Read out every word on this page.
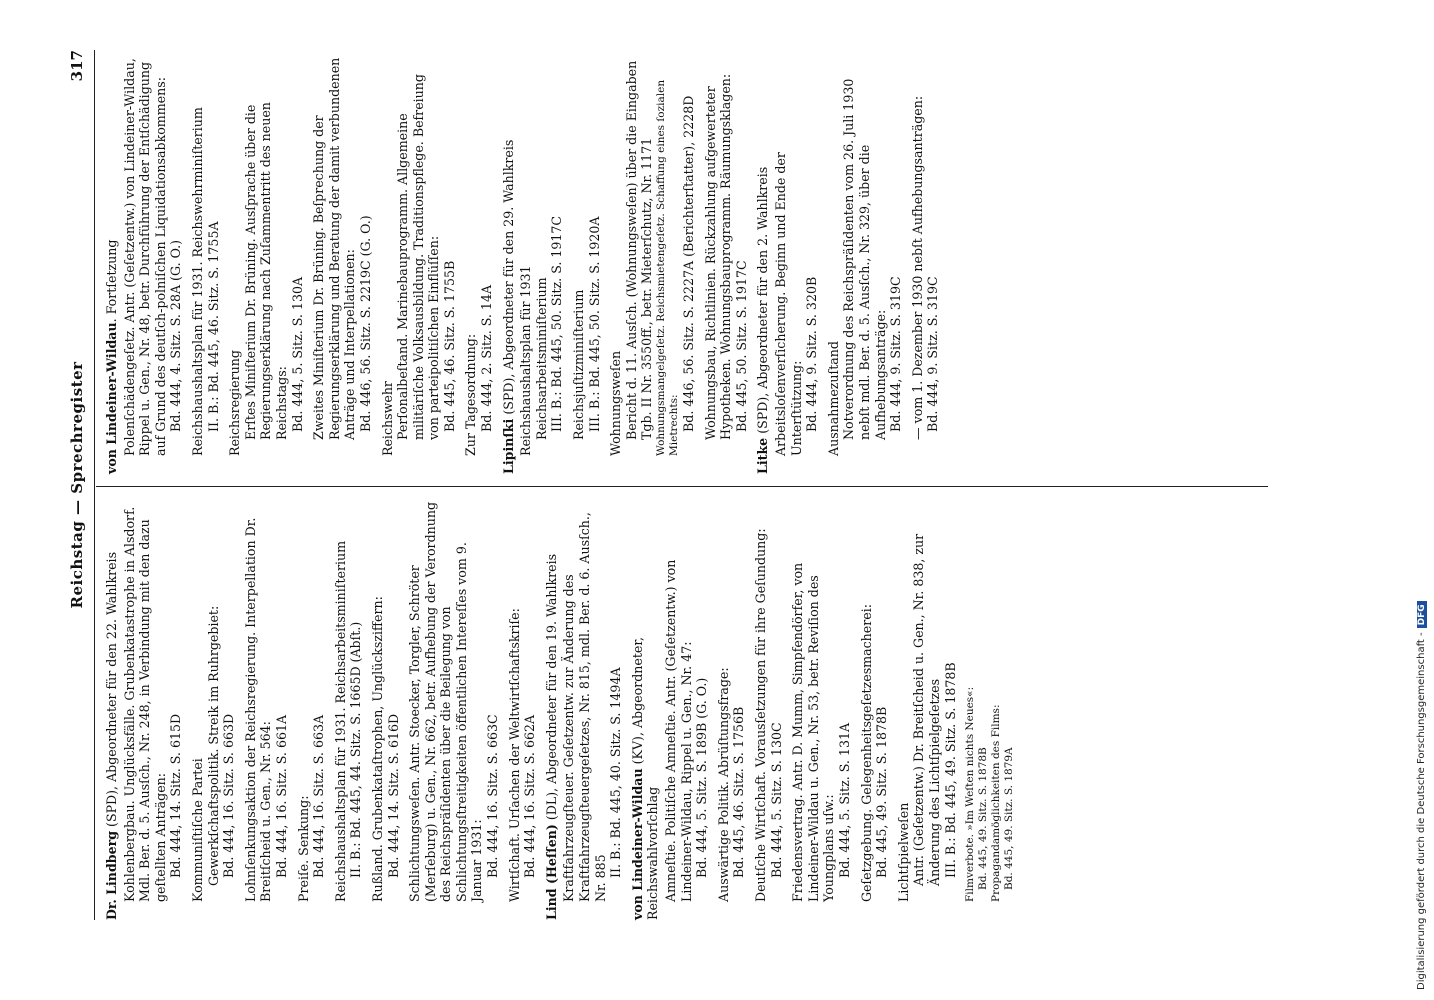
Reichstag — Sprechregister
317

Dr. Lindberg (SPD), Abgeordneter für den 22. Wahlkreis Kohlenbergbau. Unglücksfälle. Grubenkatastrophe in Alsdorf. Mdl. Ber. d. 5. Ausſch., Nr. 248, in Verbindung mit den dazu geſtellten Anträgen: Bd. 444, 14. Sitz. S. 615D Kommuniſtiſche Partei Gewerkſchaftspolitik. Streik im Ruhrgebiet: Bd. 444, 16. Sitz. S. 663D Lohnſenkungsaktion der Reichsregierung. Interpellation Dr. Breitſcheid u. Gen., Nr. 564: Bd. 444, 16. Sitz. S. 661A Preiſe. Senkung: Bd. 444, 16. Sitz. S. 663A Reichshaushaltsplan für 1931. Reichsarbeitsminiſterium II. B.: Bd. 445, 44. Sitz. S. 1665D (Abſt.) Rußland. Grubenkataſtrophen, Unglücksziffern: Bd. 444, 14. Sitz. S. 616D Schlichtungsweſen. Antr. Stoecker, Torgler, Schröter (Merſeburg) u. Gen., Nr. 662, betr. Aufhebung der Verordnung des Reichspräſidenten über die Beilegung von Schlichtungsſtreitigkeiten öffentlichen Intereſſes vom 9. Januar 1931: Bd. 444, 16. Sitz. S. 663C Wirtſchaft. Urſachen der Weltwirtſchaftskriſe: Bd. 444, 16. Sitz. S. 662A Lind (Heſſen) (DL), Abgeordneter für den 19. Wahlkreis Kraftfahrzeugſteuer. Geſetzentw. zur Änderung des Kraftfahrzeugſteuergeſetzes, Nr. 815, mdl. Ber. d. 6. Ausſch., Nr. 885

II. B.: Bd. 445, 40. Sitz. S. 1494A von Lindeiner-Wildau (KV), Abgeordneter, Reichswahlvorſchlag Amneſtie. Politiſche Amneſtie. Antr. (Geſetzentw.) von Lindeiner-Wildau, Rippel u. Gen., Nr. 47: Bd. 444, 5. Sitz. S. 189B (G. O.) Auswärtige Politik. Abrüſtungsfrage: Bd. 445, 46. Sitz. S. 1756B Deutſche Wirtſchaft. Vorausſetzungen für ihre Geſundung: Bd. 444, 5. Sitz. S. 130C Friedensvertrag. Antr. D. Mumm, Simpfendörfer, von Lindeiner-Wildau u. Gen., Nr. 53, betr. Reviſion des Youngplans uſw.: Bd. 444, 5. Sitz. S. 131A Geſetzgebung. Gelegenheitsgeſetzesmacherei: Bd. 445, 49. Sitz. S. 1878B Lichtſpielweſen Antr. (Geſetzentw.) Dr. Breitſcheid u. Gen., Nr. 838, zur Änderung des Lichtſpielgeſetzes III. B.: Bd. 445, 49. Sitz. S. 1878B Filmverbote. »Im Weſten nichts Neues«: Bd. 445, 49. Sitz. S. 1878B Propagandamöglichkeiten des Films: Bd. 445, 49. Sitz. S. 1879A

von Lindeiner-Wildau. Fortſetzung Polenſchädengeſetz. Antr. (Geſetzentw.) von Lindeiner-Wildau, Rippel u. Gen., Nr. 48, betr. Durchführung der Entſchädigung auf Grund des deutſch-polniſchen Liquidationsabkommens: Bd. 444, 4. Sitz. S. 28A (G. O.) Reichshaushaltsplan für 1931. Reichswehrminiſterium II. B.: Bd. 445, 46. Sitz. S. 1755A Reichsregierung Erſtes Miniſterium Dr. Brüning. Ausſprache über die Regierungserklärung nach Zuſammentritt des neuen Reichstags: Bd. 444, 5. Sitz. S. 130A Zweites Miniſterium Dr. Brüning. Beſprechung der Regierungserklärung und Beratung der damit verbundenen Anträge und Interpellationen: Bd. 446, 56. Sitz. S. 2219C (G. O.) Reichswehr Perſonalbeſtand. Marinebauprogramm. Allgemeine militäriſche Volksausbildung. Traditionspflege. Befreiung von parteipolitiſchen Einflüſſen: Bd. 445, 46. Sitz. S. 1755B Zur Tagesordnung: Bd. 444, 2. Sitz. S. 14A

Lipinſki (SPD), Abgeordneter für den 29. Wahlkreis Reichshaushaltsplan für 1931 Reichsarbeitsminiſterium III. B.: Bd. 445, 50. Sitz. S. 1917C Reichsjuſtizminiſterium III. B.: Bd. 445, 50. Sitz. S. 1920A Wohnungsweſen Bericht d. 11. Ausſch. (Wohnungsweſen) über die Eingaben Tgb. II Nr. 3550ff., betr. Mieterſchutz, Nr. 1171 Wohnungsmangelgeſetz. Reichsmietengeſetz. Schaffung eines ſozialen Mietrechts: Bd. 446, 56. Sitz. S. 2227A (Berichterſtatter), 2228D Wohnungsbau, Richtlinien. Rückzahlung aufgewerteter Hypotheken. Wohnungsbauprogramm. Räumungsklagen: Bd. 445, 50. Sitz. S. 1917C

Litke (SPD), Abgeordneter für den 2. Wahlkreis Arbeitsloſenverſicherung. Beginn und Ende der Unterſtützung: Bd. 444, 9. Sitz. S. 320B Ausnahmezuſtand Notverordnung des Reichspräſidenten vom 26. Juli 1930 nebſt mdl. Ber. d. 5. Ausſch., Nr. 329, über die Aufhebungsanträge: Bd. 444, 9. Sitz. S. 319C — vom 1. Dezember 1930 nebſt Aufhebungsanträgen: Bd. 444, 9. Sitz. S. 319C

Digitalisierung gefördert durch die Deutsche Forschungsgemeinschaft -DFG
